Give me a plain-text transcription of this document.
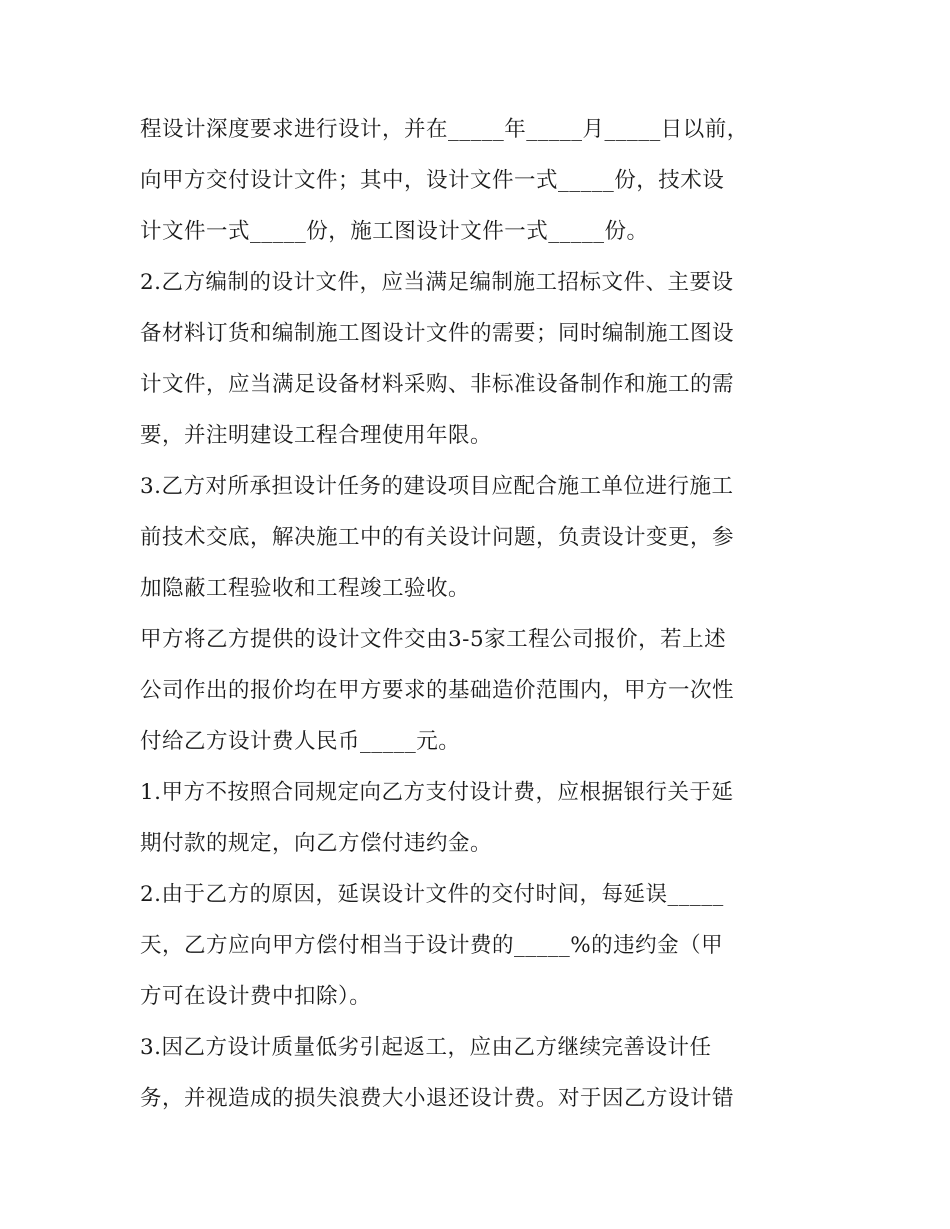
程设计深度要求进行设计，并在_____年_____月_____日以前，
向甲方交付设计文件；其中，设计文件一式_____份，技术设
计文件一式_____份，施工图设计文件一式_____份。
2.乙方编制的设计文件，应当满足编制施工招标文件、主要设
备材料订货和编制施工图设计文件的需要；同时编制施工图设
计文件，应当满足设备材料采购、非标准设备制作和施工的需
要，并注明建设工程合理使用年限。
3.乙方对所承担设计任务的建设项目应配合施工单位进行施工
前技术交底，解决施工中的有关设计问题，负责设计变更，参
加隐蔽工程验收和工程竣工验收。
甲方将乙方提供的设计文件交由3-5家工程公司报价，若上述
公司作出的报价均在甲方要求的基础造价范围内，甲方一次性
付给乙方设计费人民币_____元。
1.甲方不按照合同规定向乙方支付设计费，应根据银行关于延
期付款的规定，向乙方偿付违约金。
2.由于乙方的原因，延误设计文件的交付时间，每延误_____
天，乙方应向甲方偿付相当于设计费的_____%的违约金（甲
方可在设计费中扣除）。
3.因乙方设计质量低劣引起返工，应由乙方继续完善设计任
务，并视造成的损失浪费大小退还设计费。对于因乙方设计错
